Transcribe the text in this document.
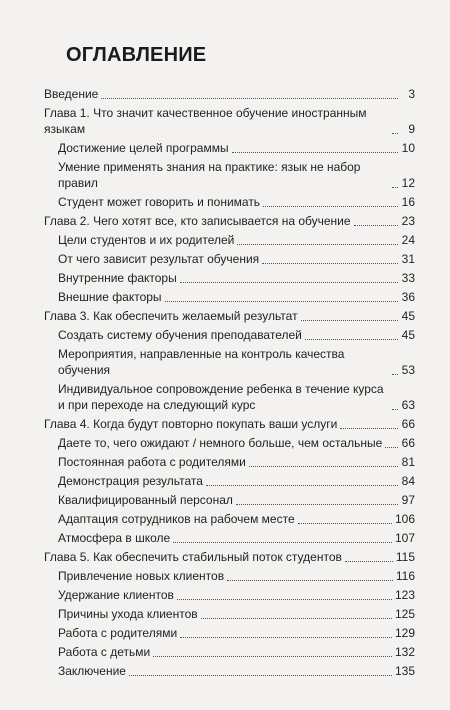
ОГЛАВЛЕНИЕ
Введение	3
Глава 1. Что значит качественное обучение иностранным языкам	9
Достижение целей программы	10
Умение применять знания на практике: язык не набор правил	12
Студент может говорить и понимать	16
Глава 2. Чего хотят все, кто записывается на обучение	23
Цели студентов и их родителей	24
От чего зависит результат обучения	31
Внутренние факторы	33
Внешние факторы	36
Глава 3. Как обеспечить желаемый результат	45
Создать систему обучения преподавателей	45
Мероприятия, направленные на контроль качества обучения	53
Индивидуальное сопровождение ребенка в течение курса и при переходе на следующий курс	63
Глава 4. Когда будут повторно покупать ваши услуги	66
Даете то, чего ожидают / немного больше, чем остальные 66
Постоянная работа с родителями	81
Демонстрация результата	84
Квалифицированный персонал	97
Адаптация сотрудников на рабочем месте	106
Атмосфера в школе	107
Глава 5. Как обеспечить стабильный поток студентов	115
Привлечение новых клиентов	116
Удержание клиентов	123
Причины ухода клиентов	125
Работа с родителями	129
Работа с детьми	132
Заключение	135
